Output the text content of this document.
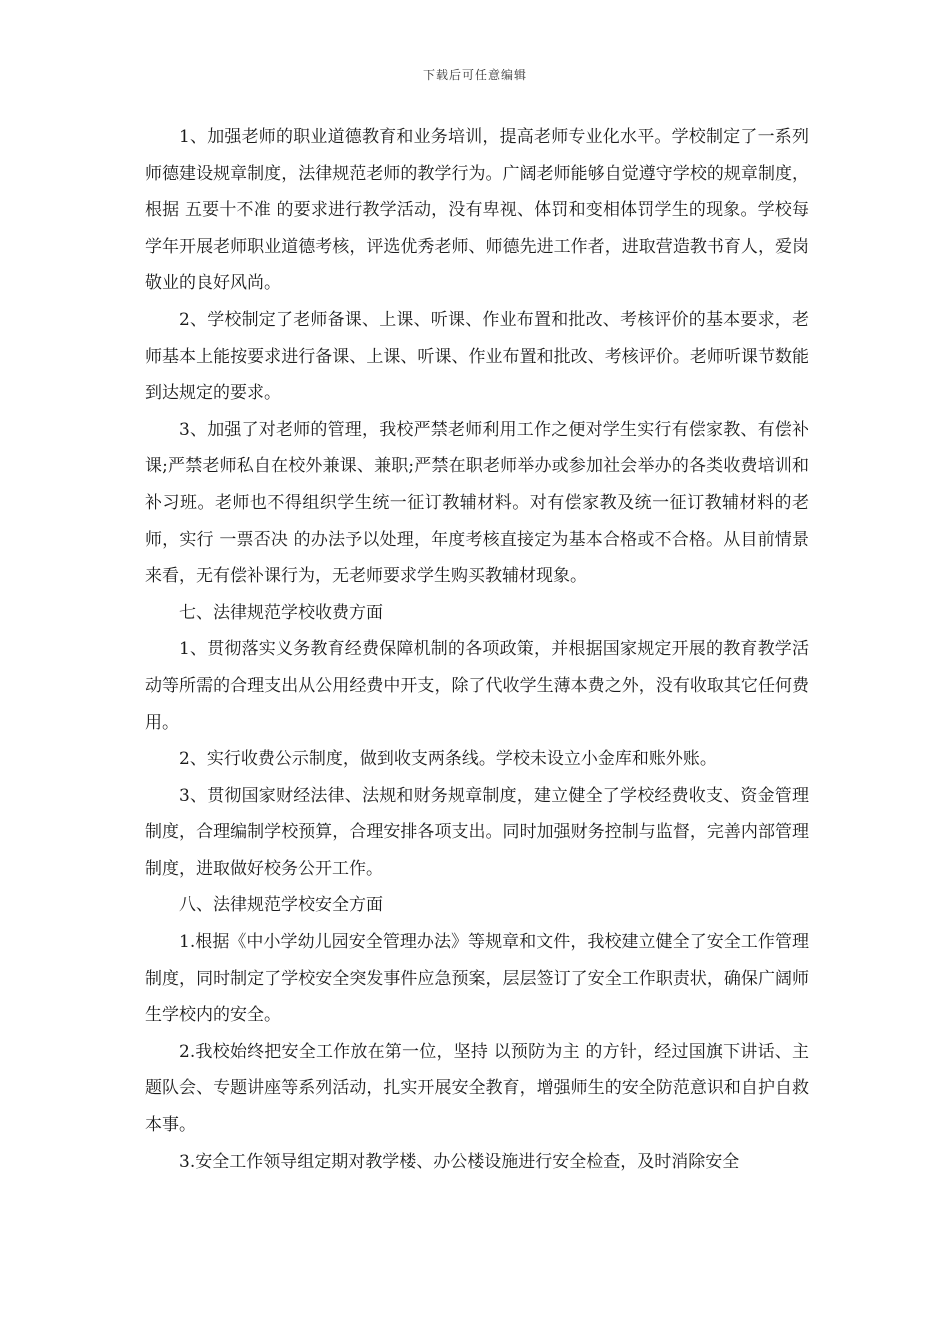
下载后可任意编辑

1、加强老师的职业道德教育和业务培训，提高老师专业化水平。学校制定了一系列师德建设规章制度，法律规范老师的教学行为。广阔老师能够自觉遵守学校的规章制度，根据 五要十不准 的要求进行教学活动，没有卑视、体罚和变相体罚学生的现象。学校每学年开展老师职业道德考核，评选优秀老师、师德先进工作者，进取营造教书育人，爱岗敬业的良好风尚。

2、学校制定了老师备课、上课、听课、作业布置和批改、考核评价的基本要求，老师基本上能按要求进行备课、上课、听课、作业布置和批改、考核评价。老师听课节数能到达规定的要求。

3、加强了对老师的管理，我校严禁老师利用工作之便对学生实行有偿家教、有偿补课;严禁老师私自在校外兼课、兼职;严禁在职老师举办或参加社会举办的各类收费培训和补习班。老师也不得组织学生统一征订教辅材料。对有偿家教及统一征订教辅材料的老师，实行 一票否决 的办法予以处理，年度考核直接定为基本合格或不合格。从目前情景来看，无有偿补课行为，无老师要求学生购买教辅材现象。

七、法律规范学校收费方面

1、贯彻落实义务教育经费保障机制的各项政策，并根据国家规定开展的教育教学活动等所需的合理支出从公用经费中开支，除了代收学生薄本费之外，没有收取其它任何费用。

2、实行收费公示制度，做到收支两条线。学校未设立小金库和账外账。

3、贯彻国家财经法律、法规和财务规章制度，建立健全了学校经费收支、资金管理制度，合理编制学校预算，合理安排各项支出。同时加强财务控制与监督，完善内部管理制度，进取做好校务公开工作。

八、法律规范学校安全方面

1.根据《中小学幼儿园安全管理办法》等规章和文件，我校建立健全了安全工作管理制度，同时制定了学校安全突发事件应急预案，层层签订了安全工作职责状，确保广阔师生学校内的安全。

2.我校始终把安全工作放在第一位，坚持 以预防为主 的方针，经过国旗下讲话、主题队会、专题讲座等系列活动，扎实开展安全教育，增强师生的安全防范意识和自护自救本事。

3.安全工作领导组定期对教学楼、办公楼设施进行安全检查，及时消除安全
